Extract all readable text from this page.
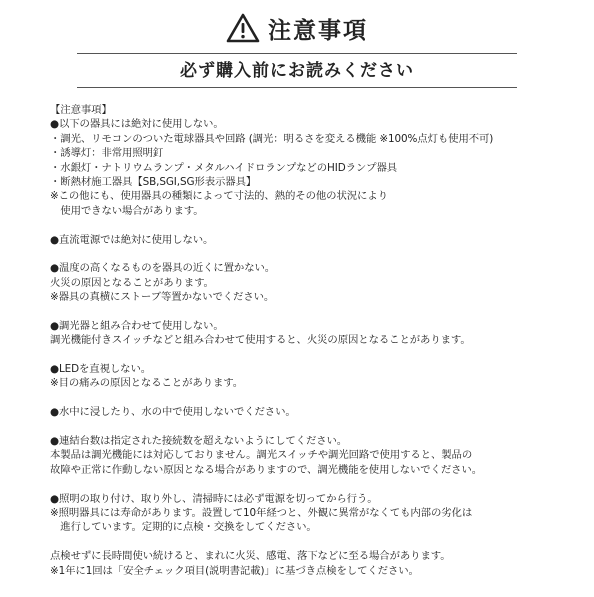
注意事項
必ず購入前にお読みください
【注意事項】
●以下の器具には絶対に使用しない。
・調光、リモコンのついた電球器具や回路 (調光：明るさを変える機能 ※100%点灯も使用不可)
・誘導灯：非常用照明釘
・水銀灯・ナトリウムランプ・メタルハイドロランプなどのHIDランプ器具
・断熱材施工器具【SB,SGI,SG形表示器具】
※この他にも、使用器具の種類によって寸法的、熱的その他の状況により
　使用できない場合があります。
●直流電源では絶対に使用しない。
●温度の高くなるものを器具の近くに置かない。
火災の原因となることがあります。
※器具の真横にストーブ等置かないでください。
●調光器と組み合わせて使用しない。
調光機能付きスイッチなどと組み合わせて使用すると、火災の原因となることがあります。
●LEDを直視しない。
※目の痛みの原因となることがあります。
●水中に浸したり、水の中で使用しないでください。
●連結台数は指定された接続数を超えないようにしてください。
本製品は調光機能には対応しておりません。調光スイッチや調光回路で使用すると、製品の
故障や正常に作動しない原因となる場合がありますので、調光機能を使用しないでください。
●照明の取り付け、取り外し、清掃時には必ず電源を切ってから行う。
※照明器具には寿命があります。設置して10年経つと、外観に異常がなくても内部の劣化は
　進行しています。定期的に点検・交換をしてください。
点検せずに長時間使い続けると、まれに火災、感電、落下などに至る場合があります。
※1年に1回は「安全チェック項目(説明書記載)」に基づき点検をしてください。
